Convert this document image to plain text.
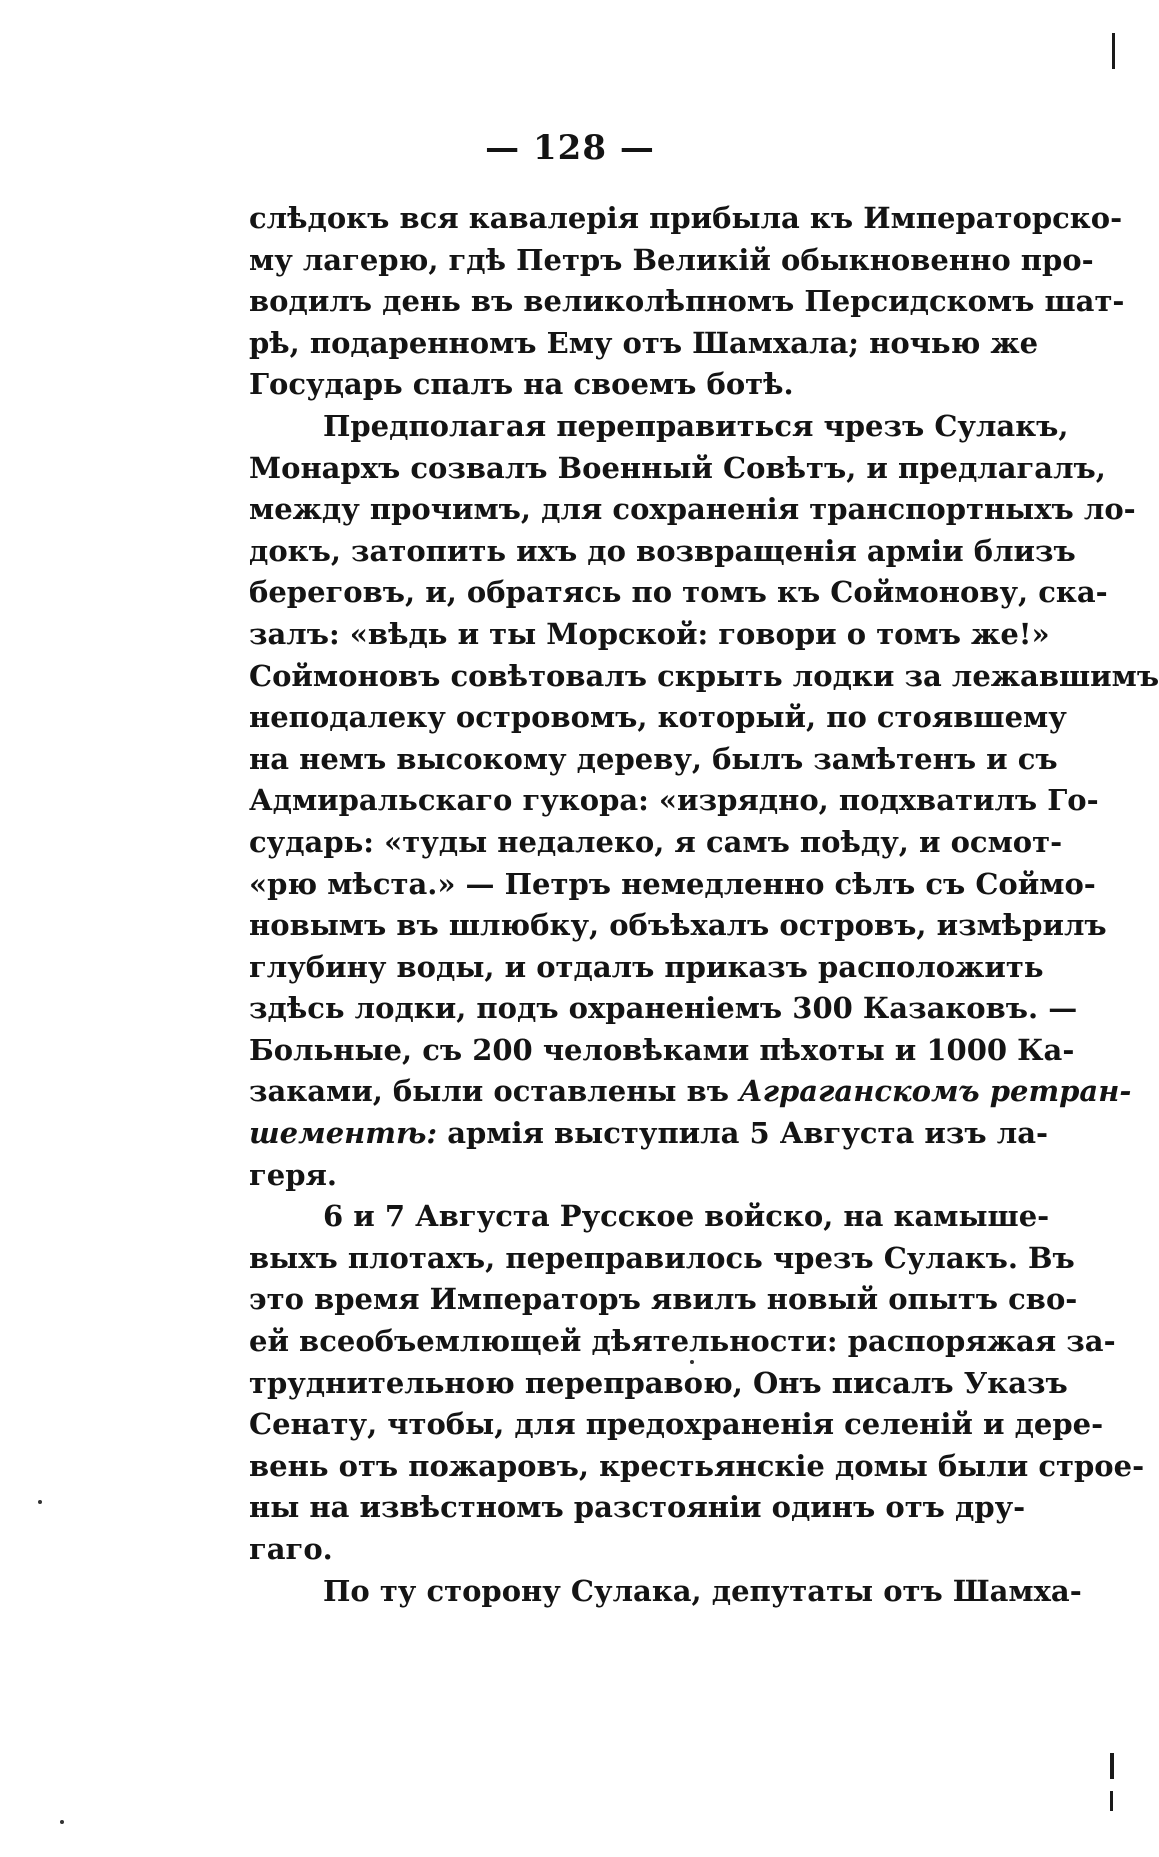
— 128 —
слѣдокъ вся кавалерія прибыла къ Императорско-
му лагерю, гдѣ Петръ Великій обыкновенно про-
водилъ день въ великолѣпномъ Персидскомъ шат-
рѣ, подаренномъ Ему отъ Шамхала; ночью же
Государь спалъ на своемъ ботѣ.
Предполагая переправиться чрезъ Сулакъ,
Монархъ созвалъ Военный Совѣтъ, и предлагалъ,
между прочимъ, для сохраненія транспортныхъ ло-
докъ, затопить ихъ до возвращенія арміи близъ
береговъ, и, обратясь по томъ къ Соймонову, ска-
залъ: «вѣдь и ты Морской: говори о томъ же!»
Соймоновъ совѣтовалъ скрыть лодки за лежавшимъ
неподалеку островомъ, который, по стоявшему
на немъ высокому дереву, былъ замѣтенъ и съ
Адмиральскаго гукора: «изрядно, подхватилъ Го-
сударь: «туды недалеко, я самъ поѣду, и осмот-
«рю мѣста.» — Петръ немедленно сѣлъ съ Соймо-
новымъ въ шлюбку, объѣхалъ островъ, измѣрилъ
глубину воды, и отдалъ приказъ расположить
здѣсь лодки, подъ охраненіемъ 300 Казаковъ. —
Больные, съ 200 человѣками пѣхоты и 1000 Ка-
заками, были оставлены въ Аграганскомъ ретран-
шементѣ: армія выступила 5 Августа изъ ла-
геря.
6 и 7 Августа Русское войско, на камыше-
выхъ плотахъ, переправилось чрезъ Сулакъ. Въ
это время Императоръ явилъ новый опытъ сво-
ей всеобъемлющей дѣятельности: распоряжая за-
труднительною переправою, Онъ писалъ Указъ
Сенату, чтобы, для предохраненія селеній и дере-
вень отъ пожаровъ, крестьянскіе домы были строе-
ны на извѣстномъ разстояніи одинъ отъ дру-
гаго.
По ту сторону Сулака, депутаты отъ Шамха-
